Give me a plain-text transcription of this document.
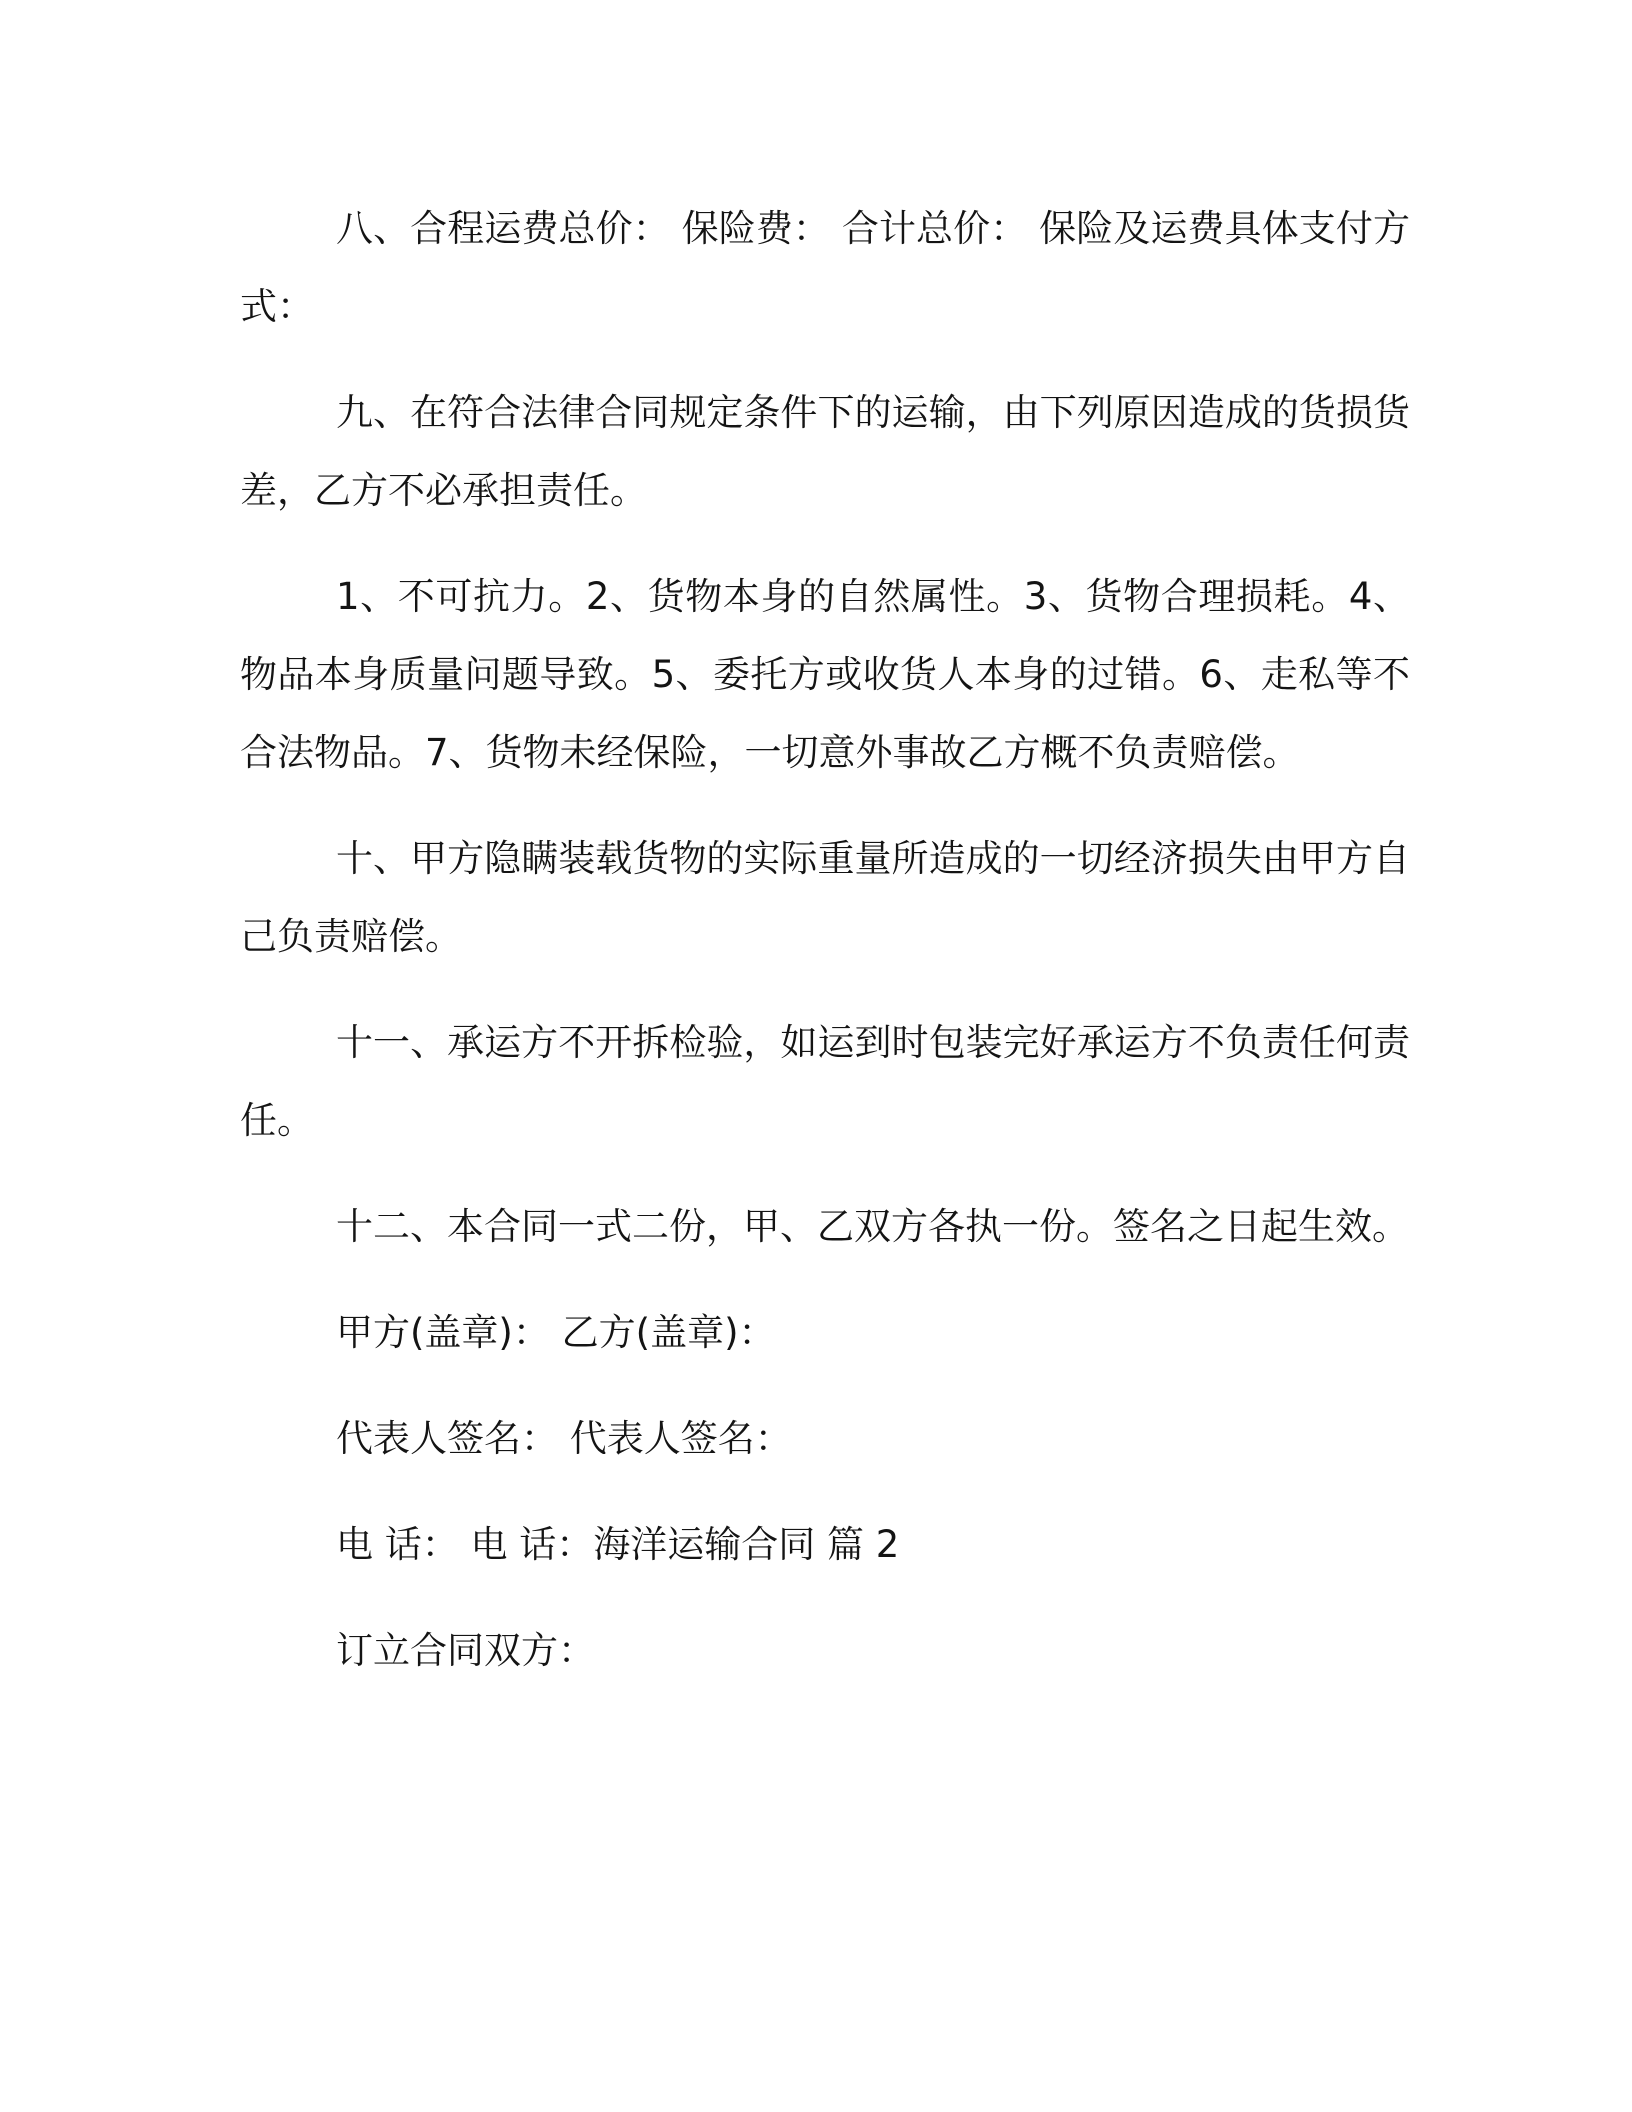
八、合程运费总价： 保险费： 合计总价： 保险及运费具体支付方式：

九、在符合法律合同规定条件下的运输，由下列原因造成的货损货差，乙方不必承担责任。

1、不可抗力。2、货物本身的自然属性。3、货物合理损耗。4、物品本身质量问题导致。5、委托方或收货人本身的过错。6、走私等不合法物品。7、货物未经保险，一切意外事故乙方概不负责赔偿。

十、甲方隐瞒装载货物的实际重量所造成的一切经济损失由甲方自己负责赔偿。

十一、承运方不开拆检验，如运到时包装完好承运方不负责任何责任。

十二、本合同一式二份，甲、乙双方各执一份。签名之日起生效。

甲方(盖章)： 乙方(盖章)：

代表人签名： 代表人签名：

电 话： 电 话：海洋运输合同 篇 2

订立合同双方：
